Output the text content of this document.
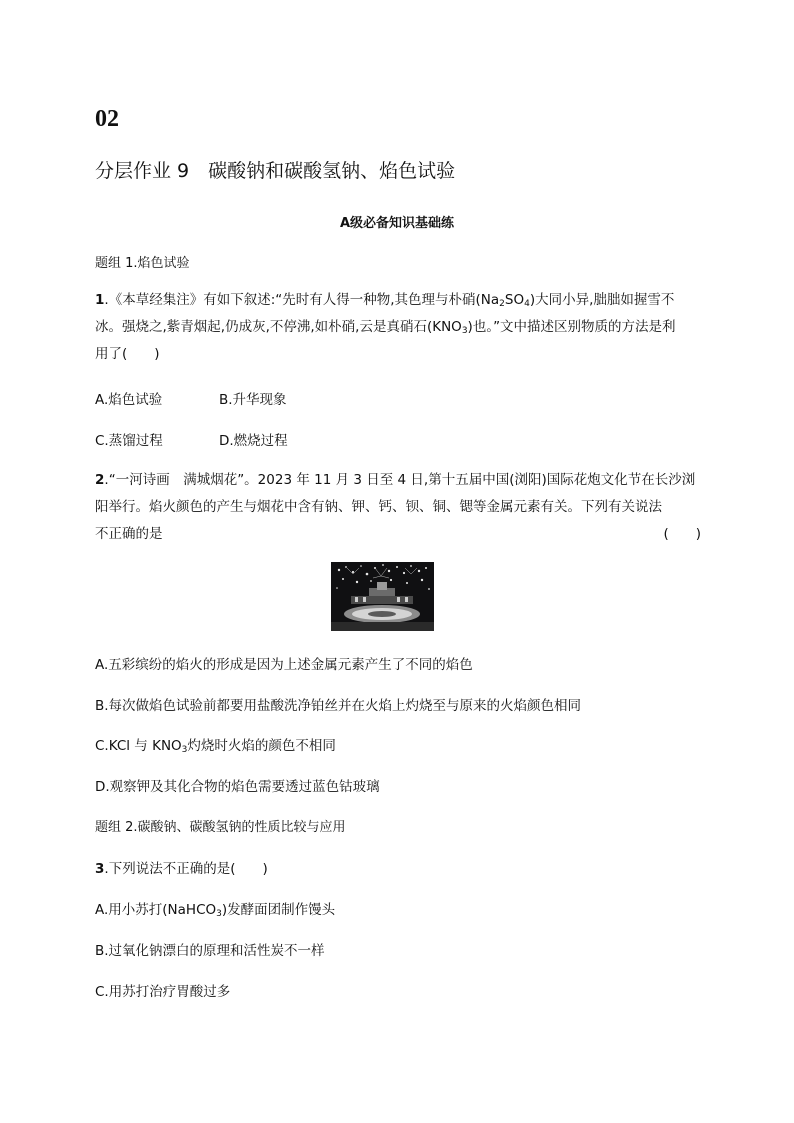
02
分层作业 9　碳酸钠和碳酸氢钠、焰色试验
A级必备知识基础练
题组 1.焰色试验
1.《本草经集注》有如下叙述:“先时有人得一种物,其色理与朴硝$(Na_2SO_4)$大同小异,朏朏如握雪不
冰。强烧之,紫青烟起,仍成灰,不停沸,如朴硝,云是真硝石$(KNO_3)$也。”文中描述区别物质的方法是利
用了(　　)
A.焰色试验	B.升华现象
C.蒸馏过程	D.燃烧过程
2.“一河诗画　满城烟花”。2023 年 11 月 3 日至 4 日,第十五届中国(浏阳)国际花炮文化节在长沙浏
阳举行。焰火颜色的产生与烟花中含有钠、钾、钙、钡、铜、锶等金属元素有关。下列有关说法
不正确的是	(　　)
A.五彩缤纷的焰火的形成是因为上述金属元素产生了不同的焰色
B.每次做焰色试验前都要用盐酸洗净铂丝并在火焰上灼烧至与原来的火焰颜色相同
C.KCl 与 $KNO_3$灼烧时火焰的颜色不相同
D.观察钾及其化合物的焰色需要透过蓝色钴玻璃
题组 2.碳酸钠、碳酸氢钠的性质比较与应用
3.下列说法不正确的是(　　)
A.用小苏打(NaHCO$_3$)发酵面团制作馒头
B.过氧化钠漂白的原理和活性炭不一样
C.用苏打治疗胃酸过多
